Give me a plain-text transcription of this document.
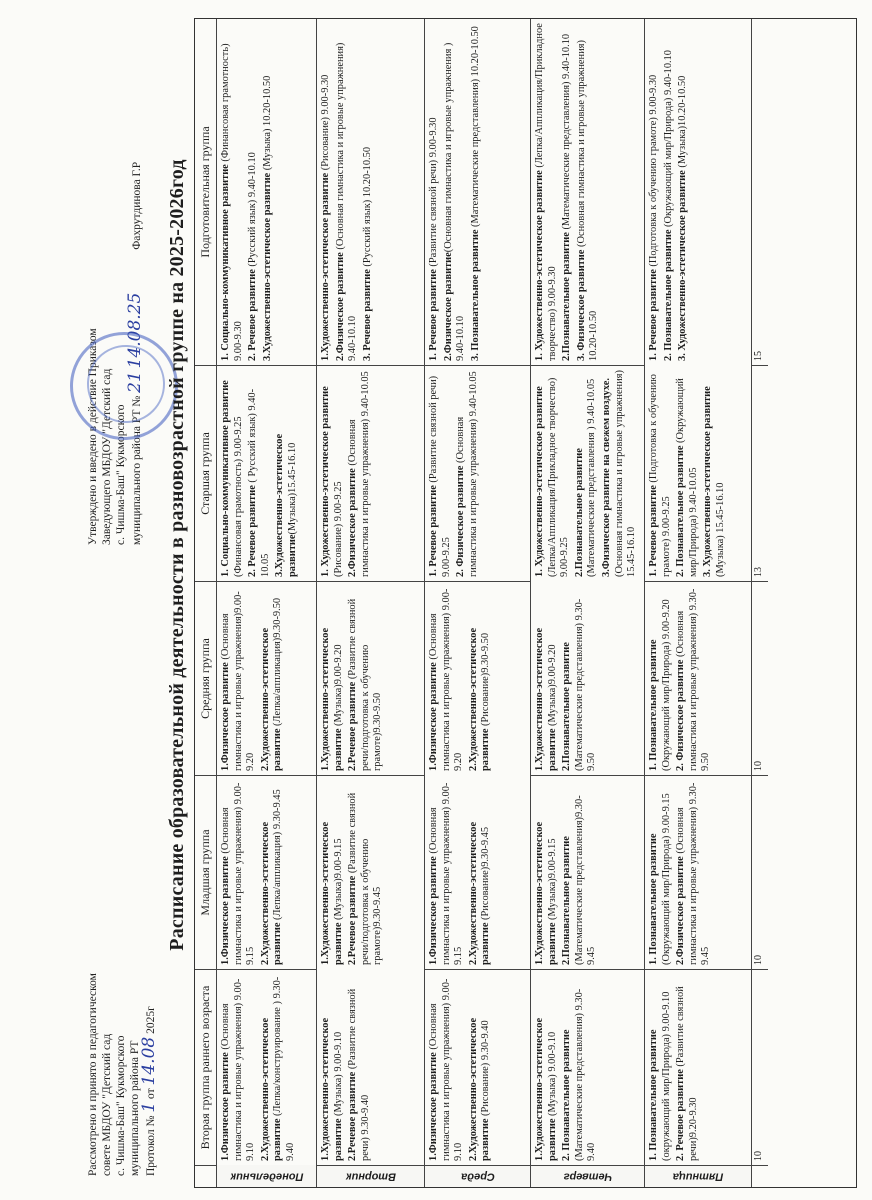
Рассмотрено и принято в педагогическом совете МБДОУ "Детский сад с. Чишма-Баш" Кукморского муниципального района РТ Протокол № 1 от 14.08 2025г
Утверждено и введено в действие Приказом Заведующего МБДОУ "Детский сад с. Чишма-Баш" Кукморского муниципального района РТ № 21 14.08.25 Фахрутдинова Г.Р Расписание образовательной деятельности в разновозрастной группе на 2025-2026год
Вторая группа раннего возраста
Младшая группа
Средняя группа
Старшая группа
Подготовительная группа
Понедельник
1.Физическое развитие (Основная гимнастика и игровые упражнения) 9.00-9.10 2.Художественно-эстетическое развитие (Лепка/конструирование ) 9.30-9.40
1.Физическое развитие (Основная гимнастика и игровые упражнения) 9.00-9.15 2.Художественно-эстетическое развитие (Лепка/аппликация) 9.30-9.45
1.Физическое развитие (Основная гимнастика и игровые упражнения)9.00-9.20 2.Художественно-эстетическое развитие (Лепка/аппликация)9.30-9.50
1. Социально-коммуникативное развитие (Финансовая грамотность) 9.00-9.25 2. Речевое развитие ( Русский язык) 9.40-10.05 3.Художественно-эстетическое развитие(Музыка)15.45-16.10
1. Социально-коммуникативное развитие (Финансовая грамотность) 9.00-9.30 2. Речевое развитие (Русский язык) 9.40-10.10 3.Художественно-эстетическое развитие (Музыка) 10.20-10.50
Вторник
1.Художественно-эстетическое развитие (Музыка) 9.00-9.10 2.Речевое развитие (Развитие связной речи) 9.30-9.40
1.Художественно-эстетическое развитие (Музыка)9.00-9.15 2.Речевое развитие (Развитие связной речи/подготовка к обучению грамоте)9.30-9.45
1.Художественно-эстетическое развитие (Музыка)9.00-9.20 2.Речевое развитие (Развитие связной речи/подготовка к обучению грамоте)9.30-9.50
1. Художественно-эстетическое развитие (Рисование) 9.00-9.25 2.Физическое развитие (Основная гимнастика и игровые упражнения) 9.40-10.05
1.Художественно-эстетическое развитие (Рисование) 9.00-9.30
2.Физическое развитие (Основная гимнастика и игровые упражнения) 9.40-10.10 3. Речевое развитие (Русский язык) 10.20-10.50
Среда
1.Физическое развитие (Основная гимнастика и игровые упражнения) 9.00-9.10 2.Художественно-эстетическое развитие (Рисование) 9.30-9.40
1.Физическое развитие (Основная гимнастика и игровые упражнения) 9.00-9.15 2.Художественно-эстетическое развитие (Рисование)9.30-9.45
1.Физическое развитие (Основная гимнастика и игровые упражнения) 9.00-9.20 2.Художественно-эстетическое развитие (Рисование)9.30-9.50
1. Речевое развитие (Развитие связной речи) 9.00-9.25 2. Физическое развитие (Основная гимнастика и игровые упражнения) 9.40-10.05
1. Речевое развитие (Развитие связной речи) 9.00-9.30
2.Физическое развитие(Основная гимнастика и игровые упражнения ) 9.40-10.10 3. Познавательное развитие (Математические представления) 10.20-10.50
Четверг
1.Художественно-эстетическое развитие (Музыка) 9.00-9.10 2. Познавательное развитие (Математические представления) 9.30-9.40
1.Художественно-эстетическое развитие (Музыка)9.00-9.15 2.Познавательное развитие (Математические представления)9.30-9.45
1.Художественно-эстетическое развитие (Музыка)9.00-9.20 2.Познавательное развитие (Математические представления) 9.30-9.50
1. Художественно-эстетическое развитие (Лепка/Аппликация/Прикладное творчество) 9.00-9.25 2.Познавательное развитие (Математические представления ) 9.40-10.05 3.Физическое развитие на свежем воздухе. (Основная гимнастика и игровые упражнения) 15.45-16.10
1. Художественно-эстетическое развитие (Лепка/Аппликация/Прикладное творчество) 9.00-9.30 2.Познавательное развитие (Математические представления) 9.40-10.10
3. Физическое развитие (Основная гимнастика и игровые упражнения) 10.20-10.50
Пятница
1. Познавательное развитие (окружающий мир/Природа) 9.00-9.10 2. Речевое развитие (Развитие связной речи)9.20-9.30
1. Познавательное развитие (Окружающий мир/Природа) 9.00-9.15 2.Физическое развитие (Основная гимнастика и игровые упражнения) 9.30-9.45
1. Познавательное развитие (Окружающий мир/Природа) 9.00-9.20 2. Физическое развитие (Основная гимнастика и игровые упражнения) 9.30-9.50
1. Речевое развитие (Подготовка к обучению грамоте) 9.00-9.25 2. Познавательное развитие (Окружающий мир/Природа) 9.40-10.05 3. Художественно-эстетическое развитие (Музыка) 15.45-16.10
1. Речевое развитие (Подготовка к обучению грамоте) 9.00-9.30
2. Познавательное развитие (Окружающий мир/Природа) 9.40-10.10
3. Художественно-эстетическое развитие (Музыка)10.20-10.50
10
10
10
13
15
